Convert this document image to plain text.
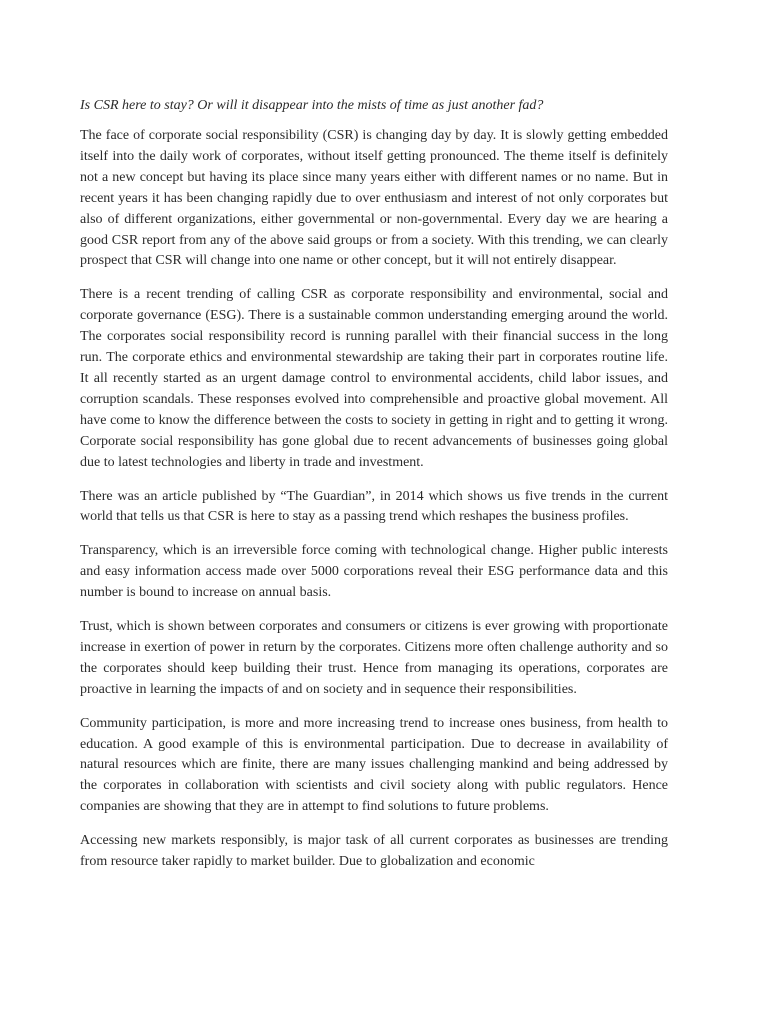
Is CSR here to stay? Or will it disappear into the mists of time as just another fad?

The face of corporate social responsibility (CSR) is changing day by day. It is slowly getting embedded itself into the daily work of corporates, without itself getting pronounced. The theme itself is definitely not a new concept but having its place since many years either with different names or no name. But in recent years it has been changing rapidly due to over enthusiasm and interest of not only corporates but also of different organizations, either governmental or non-governmental. Every day we are hearing a good CSR report from any of the above said groups or from a society. With this trending, we can clearly prospect that CSR will change into one name or other concept, but it will not entirely disappear.

There is a recent trending of calling CSR as corporate responsibility and environmental, social and corporate governance (ESG). There is a sustainable common understanding emerging around the world. The corporates social responsibility record is running parallel with their financial success in the long run. The corporate ethics and environmental stewardship are taking their part in corporates routine life. It all recently started as an urgent damage control to environmental accidents, child labor issues, and corruption scandals. These responses evolved into comprehensible and proactive global movement. All have come to know the difference between the costs to society in getting in right and to getting it wrong. Corporate social responsibility has gone global due to recent advancements of businesses going global due to latest technologies and liberty in trade and investment.

There was an article published by “The Guardian”, in 2014 which shows us five trends in the current world that tells us that CSR is here to stay as a passing trend which reshapes the business profiles.

Transparency, which is an irreversible force coming with technological change. Higher public interests and easy information access made over 5000 corporations reveal their ESG performance data and this number is bound to increase on annual basis.

Trust, which is shown between corporates and consumers or citizens is ever growing with proportionate increase in exertion of power in return by the corporates. Citizens more often challenge authority and so the corporates should keep building their trust. Hence from managing its operations, corporates are proactive in learning the impacts of and on society and in sequence their responsibilities.

Community participation, is more and more increasing trend to increase ones business, from health to education. A good example of this is environmental participation. Due to decrease in availability of natural resources which are finite, there are many issues challenging mankind and being addressed by the corporates in collaboration with scientists and civil society along with public regulators. Hence companies are showing that they are in attempt to find solutions to future problems.

Accessing new markets responsibly, is major task of all current corporates as businesses are trending from resource taker rapidly to market builder. Due to globalization and economic
